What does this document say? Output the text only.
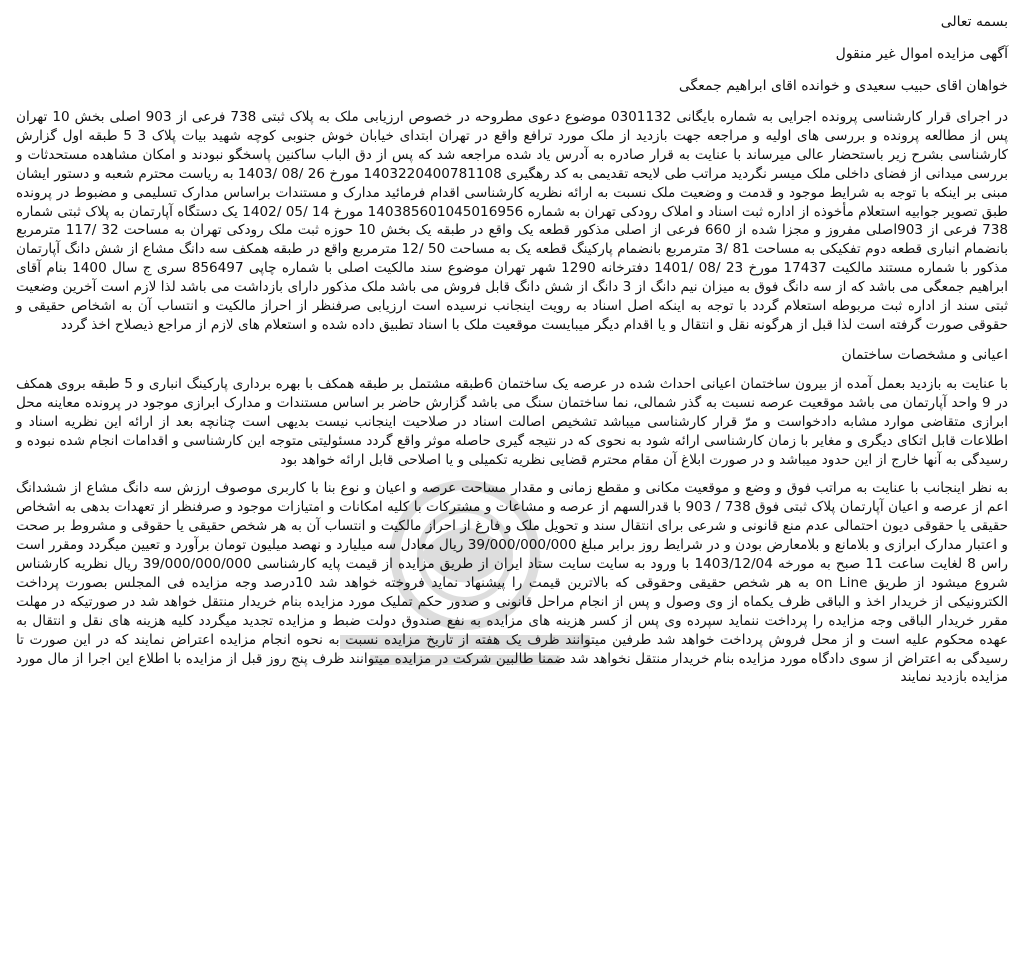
بسمه تعالی
آگهی مزایده اموال غیر منقول
خواهان اقای حبیب سعیدی و خوانده اقای ابراهیم جمعگی

در اجرای قرار کارشناسی پرونده اجرایی به شماره بایگانی 0301132 موضوع دعوی مطروحه در خصوص ارزیابی ملک به پلاک ثبتی 738 فرعی از 903 اصلی بخش 10 تهران پس از مطالعه پرونده و بررسی های اولیه و مراجعه جهت بازدید از ملک مورد ترافع واقع در تهران ابتدای خیابان خوش جنوبی کوچه شهید بیات پلاک 3 5 طبقه اول گزارش کارشناسی بشرح زیر باستحضار عالی میرساند با عنایت به قرار صادره به آدرس یاد شده مراجعه شد که پس از دق الباب ساکنین پاسخگو نبودند و امکان مشاهده مستحدثات و بررسی میدانی از فضای داخلی ملک میسر نگردید مراتب طی لایحه تقدیمی به کد رهگیری 140322040078​1108 مورخ 26 /08 /1403 به ریاست محترم شعبه و دستور ایشان مبنی بر اینکه با توجه به شرایط موجود و قدمت و وضعیت ملک نسبت به ارائه نظریه کارشناسی اقدام فرمائید مدارک و مستندات براساس مدارک تسلیمی و مضبوط در پرونده طبق تصویر جوابیه استعلام مأخوذه از اداره ثبت اسناد و املاک رودکی تهران به شماره 140385601045016956 مورخ 14 /05 /1402 یک دستگاه آپارتمان به پلاک ثبتی شماره 738 فرعی از 903اصلی مفروز و مجزا شده از 660 فرعی از اصلی مذکور قطعه یک واقع در طبقه یک بخش 10 حوزه ثبت ملک رودکی تهران به مساحت 32 /117 مترمربع بانضمام انباری قطعه دوم تفکیکی به مساحت 81 /3 مترمربع بانضمام پارکینگ قطعه یک به مساحت 50 /12 مترمربع واقع در طبقه همکف سه دانگ مشاع از شش دانگ آپارتمان مذکور با شماره مستند مالکیت 17437 مورخ 23 /08 /1401 دفترخانه 1290 شهر تهران موضوع سند مالکیت اصلی با شماره چاپی 856497 سری ج سال 1400 بنام آقای ابراهیم جمعگی می باشد که از سه دانگ فوق به میزان نیم دانگ از 3 دانگ از شش دانگ قابل فروش می باشد ملک مذکور دارای بازداشت می باشد لذا لازم است آخرین وضعیت ثبتی سند از اداره ثبت مربوطه استعلام گردد با توجه به اینکه اصل اسناد به رویت اینجانب نرسیده است ارزیابی صرفنظر از احراز مالکیت و انتساب آن به اشخاص حقیقی و حقوقی صورت گرفته است لذا قبل از هرگونه نقل و انتقال و یا اقدام دیگر میبایست موقعیت ملک با اسناد تطبیق داده شده و استعلام های لازم از مراجع ذیصلاح اخذ گردد

اعیانی و مشخصات ساختمان

با عنایت به بازدید بعمل آمده از بیرون ساختمان اعیانی احداث شده در عرصه یک ساختمان 6طبقه مشتمل بر طبقه همکف با بهره برداری پارکینگ انباری و 5 طبقه بروی همکف در 9 واحد آپارتمان می باشد موقعیت عرصه نسبت به گذر شمالی، نما ساختمان سنگ می باشد گزارش حاضر بر اساس مستندات و مدارک ابرازی موجود در پرونده معاینه محل ابرازی متقاضی موارد مشابه دادخواست و مرّ قرار کارشناسی میباشد تشخیص اصالت اسناد در صلاحیت اینجانب نیست بدیهی است چنانچه بعد از ارائه این نظریه اسناد و اطلاعات قابل اتکای دیگری و مغایر با زمان کارشناسی ارائه شود به نحوی که در نتیجه گیری حاصله موثر واقع گردد مسئولیتی متوجه این کارشناسی و اقدامات انجام شده نبوده و رسیدگی به آنها خارج از این حدود میباشد و در صورت ابلاغ آن مقام محترم قضایی نظریه تکمیلی و یا اصلاحی قابل ارائه خواهد بود

به نظر اینجانب با عنایت به مراتب فوق و وضع و موقعیت مکانی و مقطع زمانی و مقدار مساحت عرصه و اعیان و نوع بنا با کاربری موصوف ارزش سه دانگ مشاع از ششدانگ اعم از عرصه و اعیان آپارتمان پلاک ثبتی فوق 738 / 903 با قدرالسهم از عرصه و مشاعات و مشترکات با کلیه امکانات و امتیازات موجود و صرفنظر از تعهدات بدهی به اشخاص حقیقی یا حقوقی دیون احتمالی عدم منع قانونی و شرعی برای انتقال سند و تحویل ملک و فارغ از احراز مالکیت و انتساب آن به هر شخص حقیقی یا حقوقی و مشروط بر صحت و اعتبار مدارک ابرازی و بلامانع و بلامعارض بودن و در شرایط روز برابر مبلغ 39/000/000/000 ریال معادل سه میلیارد و نهصد میلیون تومان برآورد و تعیین میگردد ومقرر است راس 8 لغایت ساعت 11 صبح به مورخه 1403/12/04 با ورود به سایت سایت ستاد ایران از طریق مزایده از قیمت پایه کارشناسی 39/000/000/000 ریال نظریه کارشناس شروع میشود از طریق on Line به هر شخص حقیقی وحقوقی که بالاترین قیمت را پیشنهاد نماید فروخته خواهد شد 10درصد وجه مزایده فی المجلس بصورت پرداخت الکترونیکی از خریدار اخذ و الباقی ظرف یکماه از وی وصول و پس از انجام مراحل قانونی و صدور حکم تملیک مورد مزایده بنام خریدار منتقل خواهد شد در صورتیکه در مهلت مقرر خریدار الباقی وجه مزایده را پرداخت ننماید سپرده وی پس از کسر هزینه های مزایده به نفع صندوق دولت ضبط و مزایده تجدید میگردد کلیه هزینه های نقل و انتقال به عهده محکوم علیه است و از محل فروش پرداخت خواهد شد طرفین میتوانند ظرف یک هفته از تاریخ مزایده نسبت به نحوه انجام مزایده اعتراض نمایند که در این صورت تا رسیدگی به اعتراض از سوی دادگاه مورد مزایده بنام خریدار منتقل نخواهد شد ضمنا طالبین شرکت در مزایده میتوانند ظرف پنج روز قبل از مزایده با اطلاع این اجرا از مال مورد مزایده بازدید نمایند
